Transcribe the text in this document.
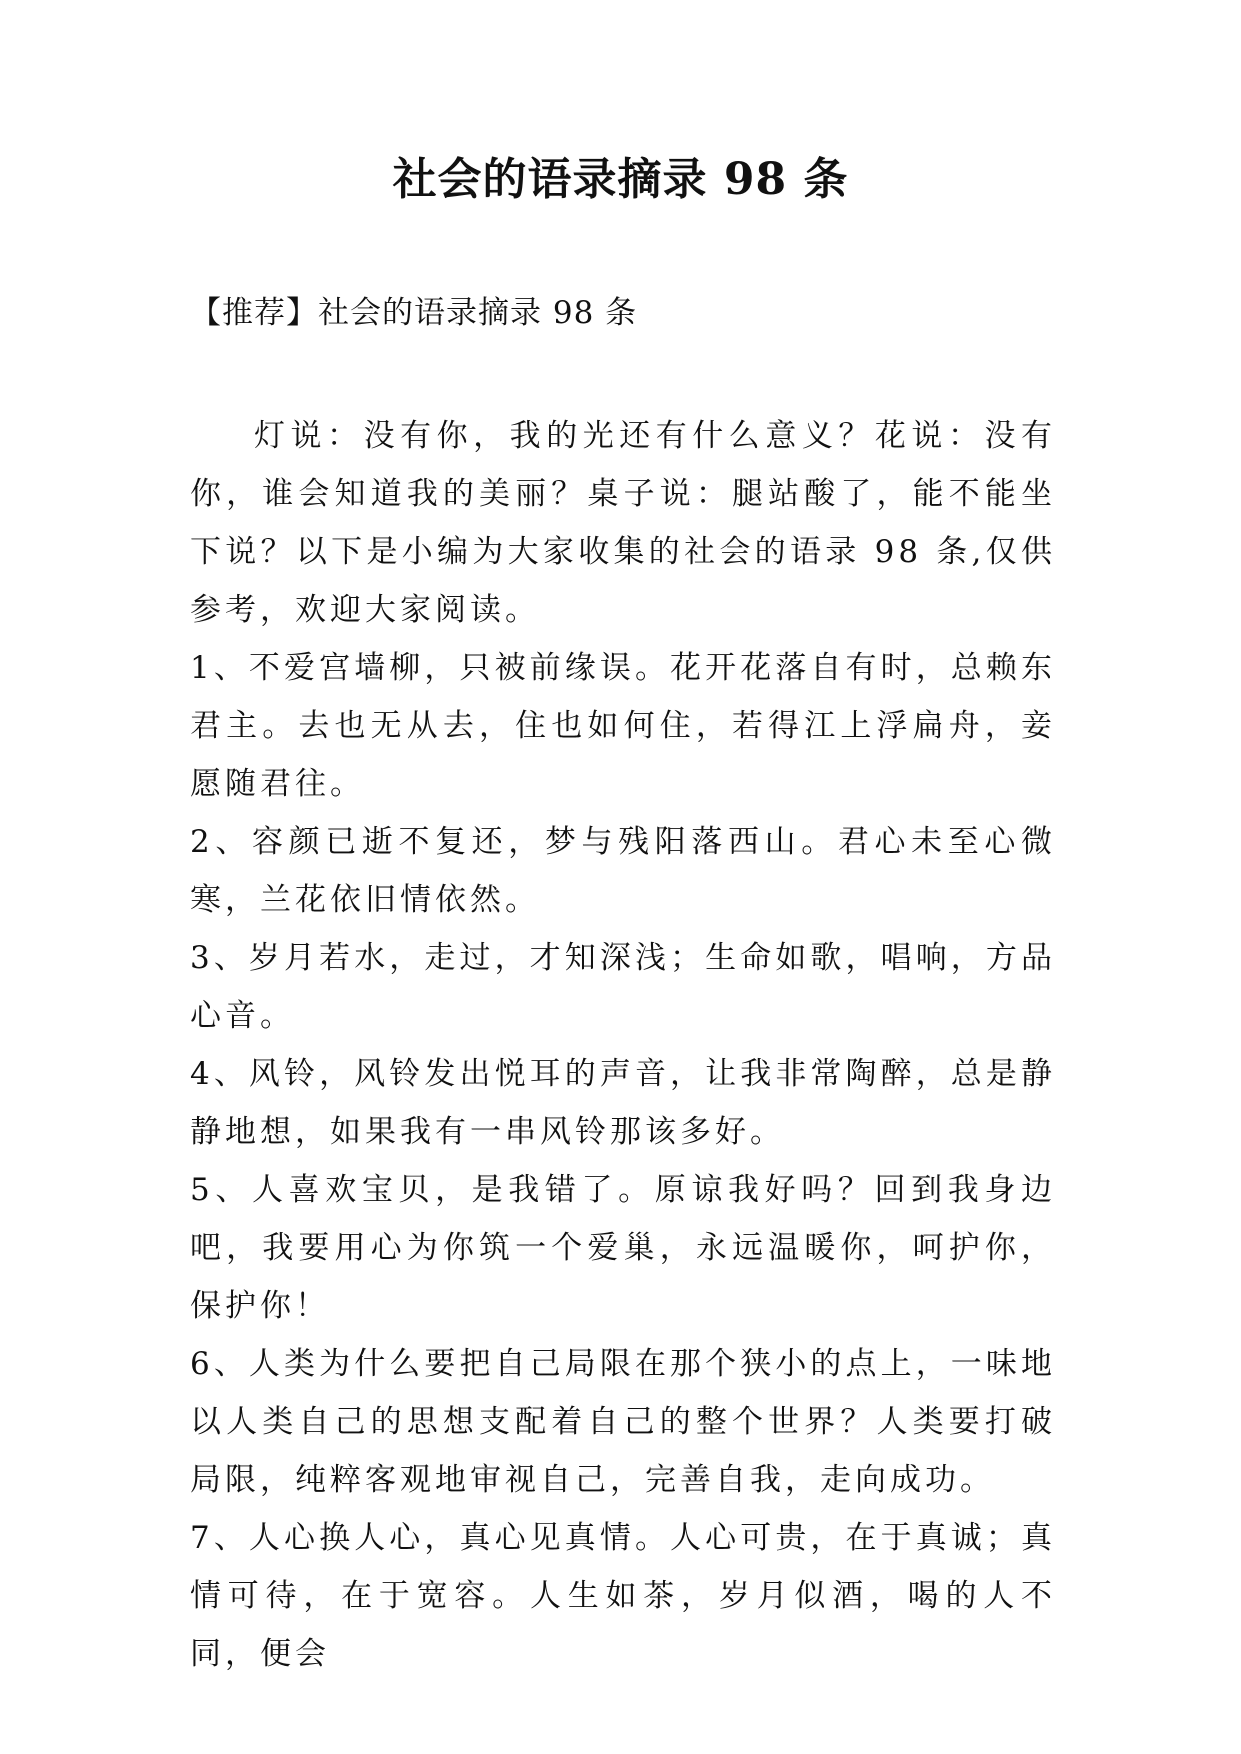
社会的语录摘录 98 条
【推荐】社会的语录摘录 98 条

灯说：没有你，我的光还有什么意义？花说：没有你，谁会知道我的美丽？桌子说：腿站酸了，能不能坐下说？以下是小编为大家收集的社会的语录 98 条,仅供参考，欢迎大家阅读。

1、不爱宫墙柳，只被前缘误。花开花落自有时，总赖东君主。去也无从去，住也如何住，若得江上浮扁舟，妾愿随君往。

2、容颜已逝不复还，梦与残阳落西山。君心未至心微寒，兰花依旧情依然。

3、岁月若水，走过，才知深浅；生命如歌，唱响，方品心音。

4、风铃，风铃发出悦耳的声音，让我非常陶醉，总是静静地想，如果我有一串风铃那该多好。

5、人喜欢宝贝，是我错了。原谅我好吗？回到我身边吧，我要用心为你筑一个爱巢，永远温暖你，呵护你，保护你！

6、人类为什么要把自己局限在那个狭小的点上，一味地以人类自己的思想支配着自己的整个世界？人类要打破局限，纯粹客观地审视自己，完善自我，走向成功。

7、人心换人心，真心见真情。人心可贵，在于真诚；真情可待，在于宽容。人生如茶，岁月似酒，喝的人不同，便会
